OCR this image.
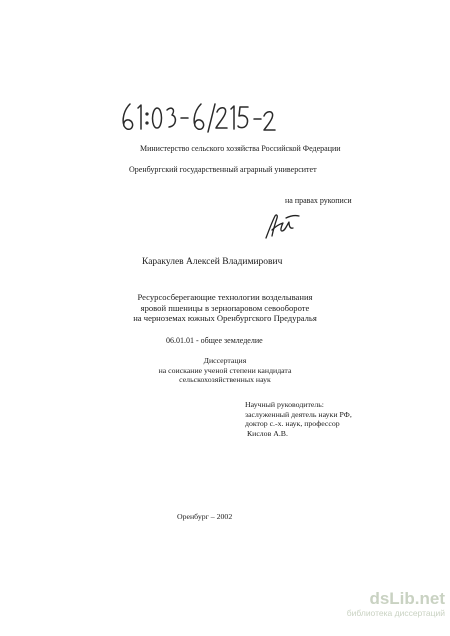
Министерство сельского хозяйства Российской Федерации
Оренбургский государственный аграрный университет
на правах рукописи
Каракулев Алексей Владимирович
Ресурсосберегающие технологии возделывания
яровой пшеницы в зернопаровом севообороте
на черноземах южных Оренбургского Предуралья
06.01.01 - общее земледелие
Диссертация
на соискание ученой степени кандидата
сельскохозяйственных наук
Научный руководитель:
заслуженный деятель науки РФ,
доктор с.-х. наук, профессор
Кислов А.В.
Оренбург – 2002
dsLib.net
библиотека диссертаций
